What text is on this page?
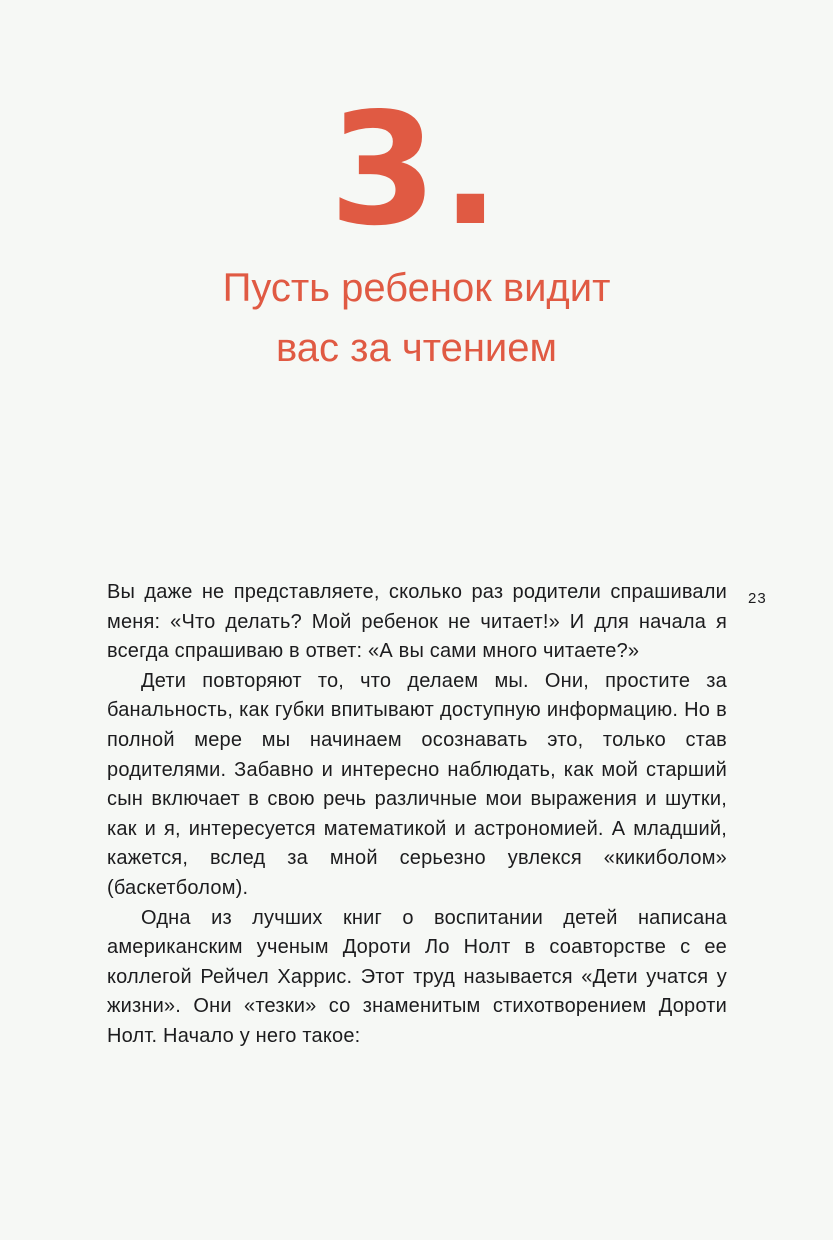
3.
Пусть ребенок видит
вас за чтением
23

Вы даже не представляете, сколько раз родители спрашивали меня: «Что делать? Мой ребенок не читает!» И для начала я всегда спрашиваю в ответ: «А вы сами много читаете?»

Дети повторяют то, что делаем мы. Они, простите за банальность, как губки впитывают доступную информацию. Но в полной мере мы начинаем осознавать это, только став родителями. Забавно и интересно наблюдать, как мой старший сын включает в свою речь различные мои выражения и шутки, как и я, интересуется математикой и астрономией. А младший, кажется, вслед за мной серьезно увлекся «кикиболом» (баскетболом).

Одна из лучших книг о воспитании детей написана американским ученым Дороти Ло Нолт в соавторстве с ее коллегой Рейчел Харрис. Этот труд называется «Дети учатся у жизни». Они «тезки» со знаменитым стихотворением Дороти Нолт. Начало у него такое:
